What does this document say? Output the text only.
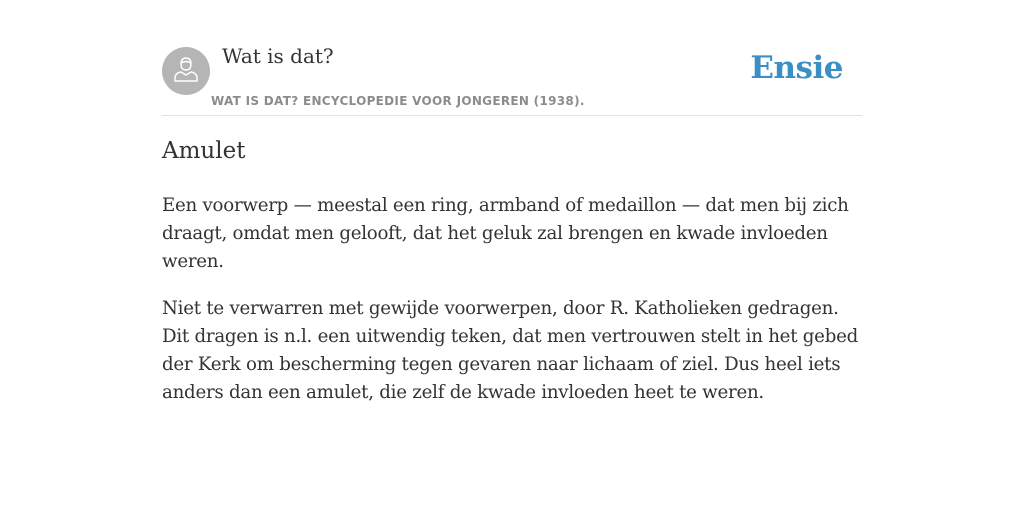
Wat is dat?
WAT IS DAT? ENCYCLOPEDIE VOOR JONGEREN (1938).
Ensie
Amulet

Een voorwerp — meestal een ring, armband of medaillon — dat men bij zich draagt, omdat men gelooft, dat het geluk zal brengen en kwade invloeden weren.

Niet te verwarren met gewijde voorwerpen, door R. Katholieken gedragen. Dit dragen is n.l. een uitwendig teken, dat men vertrouwen stelt in het gebed der Kerk om bescherming tegen gevaren naar lichaam of ziel. Dus heel iets anders dan een amulet, die zelf de kwade invloeden heet te weren.
